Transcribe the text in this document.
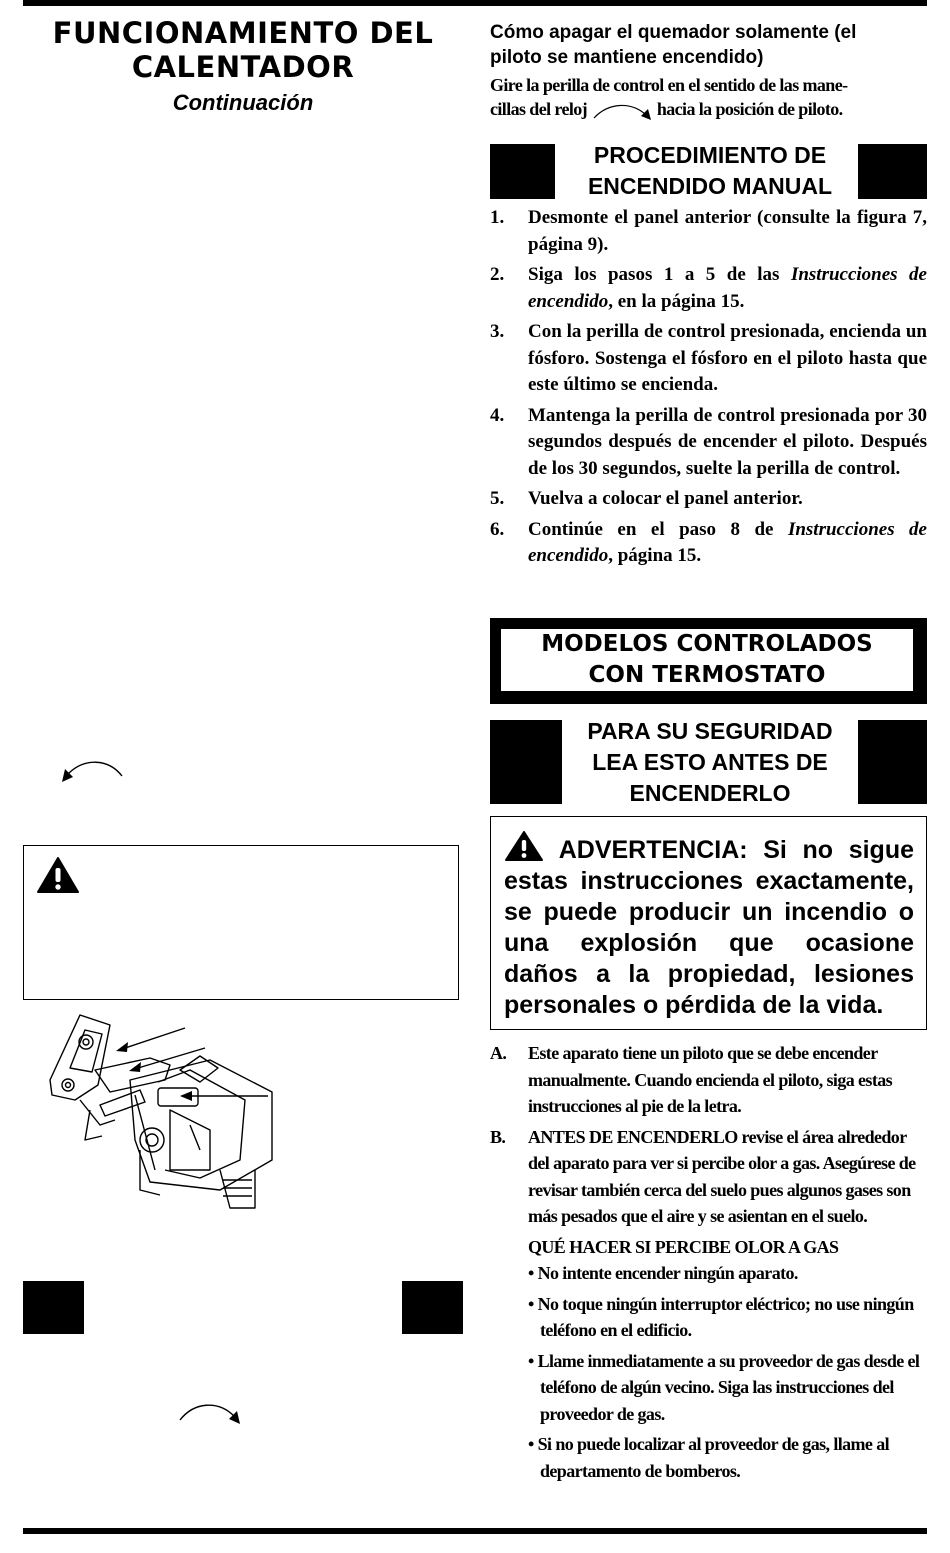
FUNCIONAMIENTO DEL
CALENTADOR
Continuación
Cómo apagar el quemador solamente (el
piloto se mantiene encendido)
Gire la perilla de control en el sentido de las mane-
cillas del reloj	hacia la posición de piloto.
PROCEDIMIENTO DE
ENCENDIDO MANUAL
1. Desmonte el panel anterior (consulte la figura 7, página 9).
2. Siga los pasos 1 a 5 de las Instrucciones de encendido, en la página 15.
3. Con la perilla de control presionada, encienda un fósforo. Sostenga el fósforo en el piloto hasta que este último se encienda.
4. Mantenga la perilla de control presionada por 30 segundos después de encender el piloto. Después de los 30 segundos, suelte la perilla de control.
5. Vuelva a colocar el panel anterior.
6. Continúe en el paso 8 de Instrucciones de encendido, página 15.
MODELOS CONTROLADOS
CON TERMOSTATO
PARA SU SEGURIDAD
LEA ESTO ANTES DE
ENCENDERLO
ADVERTENCIA: Si no sigue estas instrucciones exactamente, se puede producir un incendio o una explosión que ocasione daños a la propiedad, lesiones personales o pérdida de la vida.
A. Este aparato tiene un piloto que se debe encender manualmente. Cuando encienda el piloto, siga estas instrucciones al pie de la letra.
B. ANTES DE ENCENDERLO revise el área alrededor del aparato para ver si percibe olor a gas. Asegúrese de revisar también cerca del suelo pues algunos gases son más pesados que el aire y se asientan en el suelo.
QUÉ HACER SI PERCIBE OLOR A GAS
• No intente encender ningún aparato.
• No toque ningún interruptor eléctrico; no use ningún teléfono en el edificio.
• Llame inmediatamente a su proveedor de gas desde el teléfono de algún vecino. Siga las instrucciones del proveedor de gas.
• Si no puede localizar al proveedor de gas, llame al departamento de bomberos.
